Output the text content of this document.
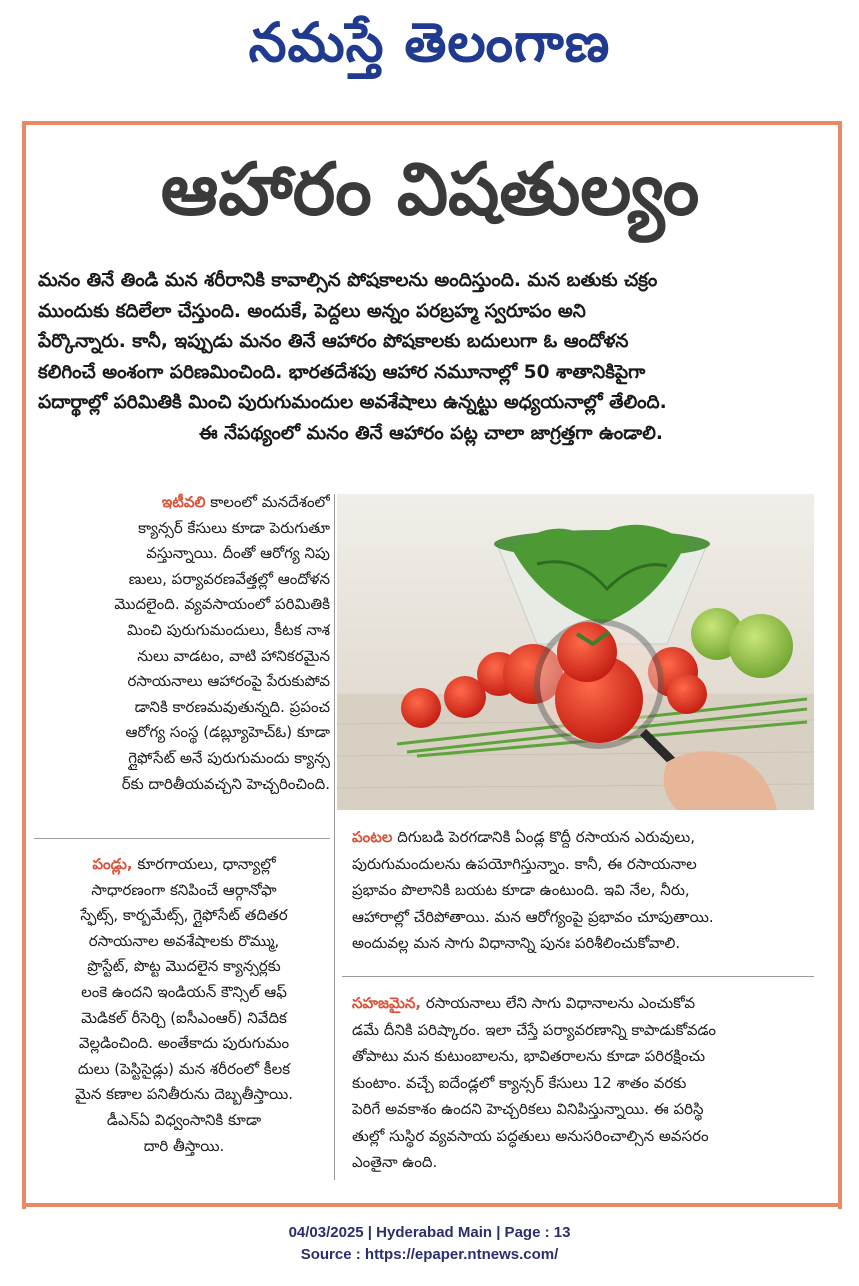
నమస్తే తెలంగాణ
ఆహారం విషతుల్యం
మనం తినే తిండి మన శరీరానికి కావాల్సిన పోషకాలను అందిస్తుంది. మన బతుకు చక్రం
ముందుకు కదిలేలా చేస్తుంది. అందుకే, పెద్దలు అన్నం పరబ్రహ్మ స్వరూపం అని
పేర్కొన్నారు. కానీ, ఇప్పుడు మనం తినే ఆహారం పోషకాలకు బదులుగా ఓ ఆందోళన
కలిగించే అంశంగా పరిణమించింది. భారతదేశపు ఆహార నమూనాల్లో 50 శాతానికిపైగా
పదార్థాల్లో పరిమితికి మించి పురుగుమందుల అవశేషాలు ఉన్నట్టు అధ్యయనాల్లో తేలింది.
ఈ నేపథ్యంలో మనం తినే ఆహారం పట్ల చాలా జాగ్రత్తగా ఉండాలి.
ఇటీవలి కాలంలో మనదేశంలో
క్యాన్సర్ కేసులు కూడా పెరుగుతూ
వస్తున్నాయి. దీంతో ఆరోగ్య నిపు
ణులు, పర్యావరణవేత్తల్లో ఆందోళన
మొదలైంది. వ్యవసాయంలో పరిమితికి
మించి పురుగుమందులు, కీటక నాశ
నులు వాడటం, వాటి హానికరమైన
రసాయనాలు ఆహారంపై పేరుకుపోవ
డానికి కారణమవుతున్నది. ప్రపంచ
ఆరోగ్య సంస్థ (డబ్ల్యూహెచ్‌ఓ) కూడా
గ్లైఫోసేట్ అనే పురుగుమందు క్యాన్స
ర్‌కు దారితీయవచ్చని హెచ్చరించింది.
పండ్లు, కూరగాయలు, ధాన్యాల్లో
సాధారణంగా కనిపించే ఆర్గానోఫా
స్ఫేట్స్, కార్బమేట్స్, గ్లైఫోసేట్ తదితర
రసాయనాల అవశేషాలకు రొమ్ము,
ప్రొస్టేట్, పొట్ట మొదలైన క్యాన్సర్లకు
లంకె ఉందని ఇండియన్ కౌన్సిల్ ఆఫ్
మెడికల్ రీసెర్చి (ఐసీఎంఆర్) నివేదిక
వెల్లడించింది. అంతేకాదు పురుగుమం
దులు (పెస్టిసైడ్లు) మన శరీరంలో కీలక
మైన కణాల పనితీరును దెబ్బతీస్తాయి.
డీఎన్‌ఏ విధ్వంసానికి కూడా
దారి తీస్తాయి.
పంటల దిగుబడి పెరగడానికి ఏండ్ల కొద్దీ రసాయన ఎరువులు,
పురుగుమందులను ఉపయోగిస్తున్నాం. కానీ, ఈ రసాయనాల
ప్రభావం పొలానికి బయట కూడా ఉంటుంది. ఇవి నేల, నీరు,
ఆహారాల్లో చేరిపోతాయి. మన ఆరోగ్యంపై ప్రభావం చూపుతాయి.
అందువల్ల మన సాగు విధానాన్ని పునః పరిశీలించుకోవాలి.
సహజమైన, రసాయనాలు లేని సాగు విధానాలను ఎంచుకోవ
డమే దీనికి పరిష్కారం. ఇలా చేస్తే పర్యావరణాన్ని కాపాడుకోవడం
తోపాటు మన కుటుంబాలను, భావితరాలను కూడా పరిరక్షించు
కుంటాం. వచ్చే ఐదేండ్లలో క్యాన్సర్ కేసులు 12 శాతం వరకు
పెరిగే అవకాశం ఉందని హెచ్చరికలు వినిపిస్తున్నాయి. ఈ పరిస్థి
తుల్లో సుస్థిర వ్యవసాయ పద్ధతులు అనుసరించాల్సిన అవసరం
ఎంతైనా ఉంది.
04/03/2025 | Hyderabad Main | Page : 13
Source : https://epaper.ntnews.com/
